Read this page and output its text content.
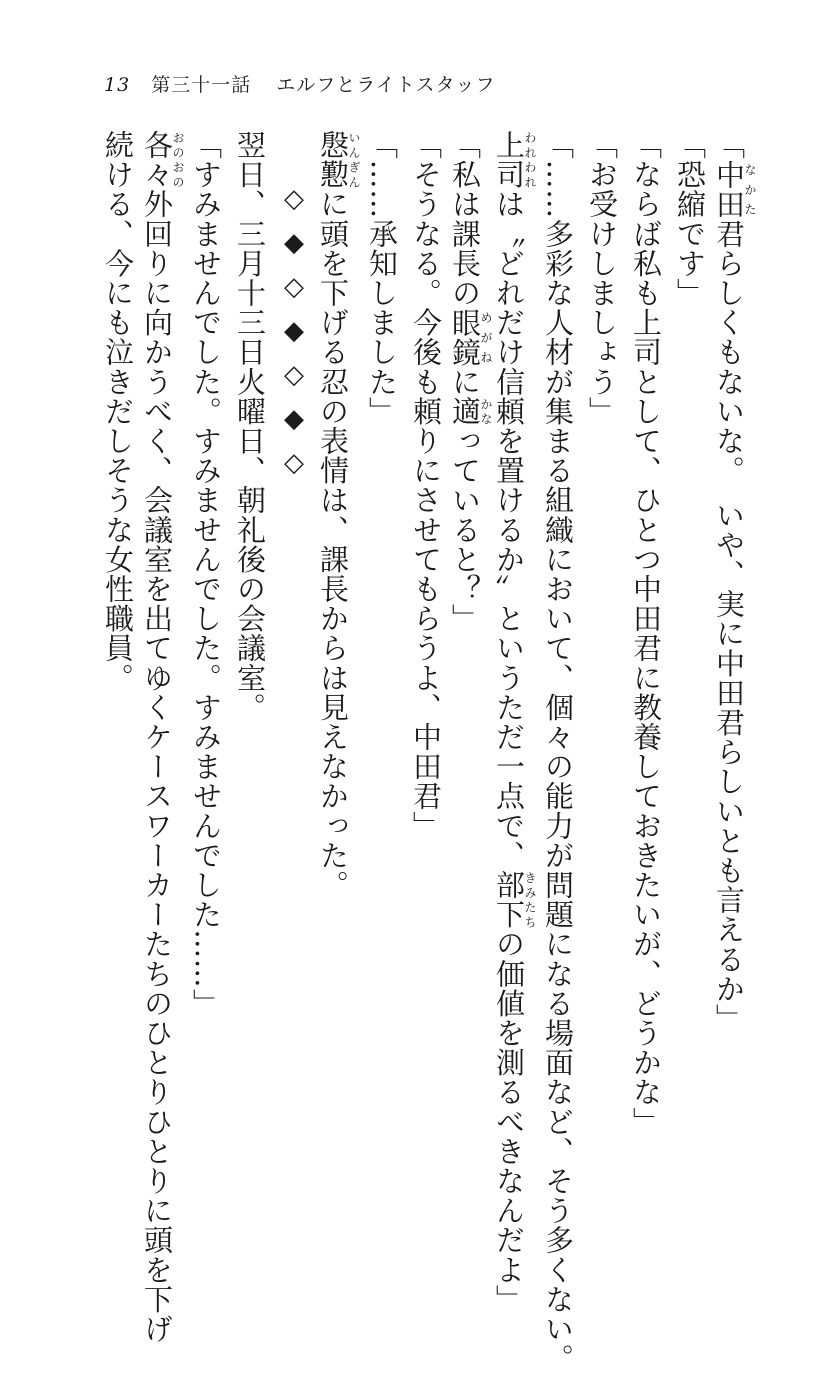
13 第三十一話 エルフとライトスタッフ
「中田なかた君らしくもないな。　いや、実に中田君らしいとも言えるか」
「恐縮です」
「ならば私も上司として、ひとつ中田君に教養しておきたいが、どうかな」
「お受けしましょう」
「……多彩な人材が集まる組織において、個々の能力が問題になる場面など、そう多くない。
上司われわれは〝どれだけ信頼を置けるか〟というただ一点で、部下きみたちの価値を測るべきなんだよ」
「私は課長の眼鏡めがねに適かなっていると？」
「そうなる。今後も頼りにさせてもらうよ、中田君」
「……承知しました」
慇懃いんぎんに頭を下げる忍の表情は、課長からは見えなかった。
◇◆◇◆◇◆◇
翌日、三月十三日火曜日、朝礼後の会議室。
「すみませんでした。すみませんでした。すみませんでした……」
各々おのおの外回りに向かうべく、会議室を出てゆくケースワーカーたちのひとりひとりに頭を下げ
続ける、今にも泣きだしそうな女性職員。
